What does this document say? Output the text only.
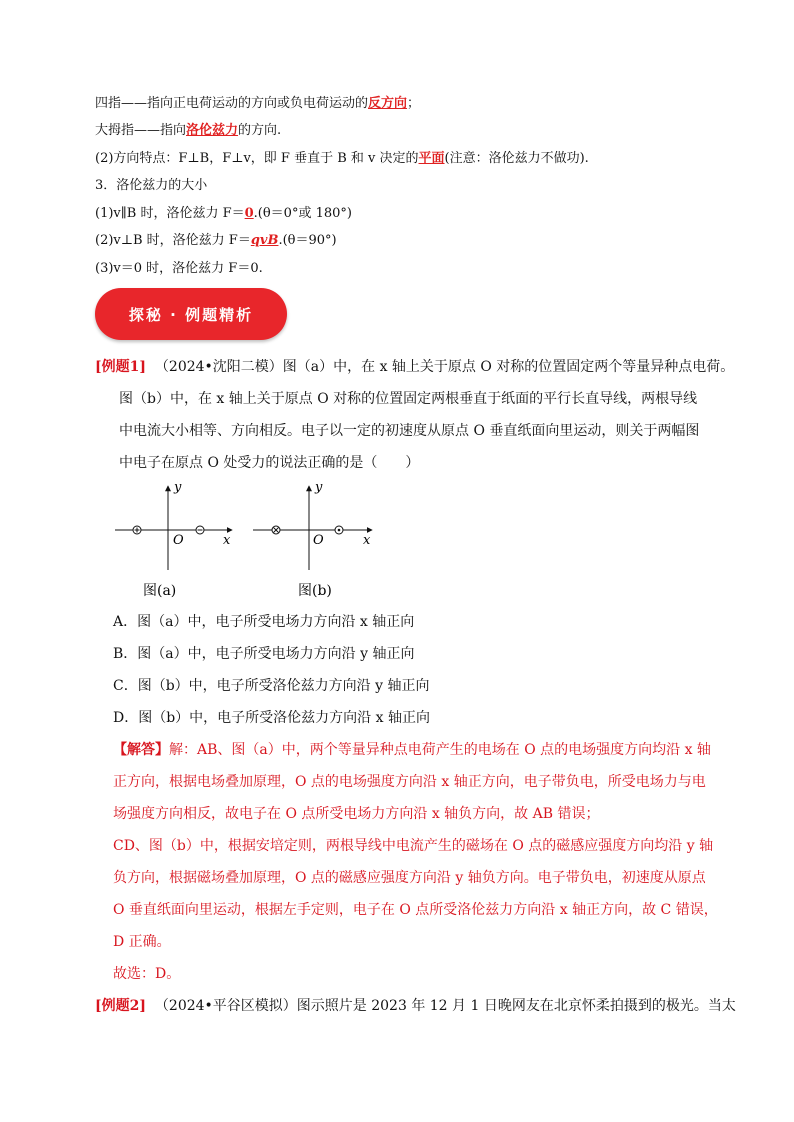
四指——指向正电荷运动的方向或负电荷运动的反方向；
大拇指——指向洛伦兹力的方向.
(2)方向特点：F⊥B，F⊥v，即 F 垂直于 B 和 v 决定的平面(注意：洛伦兹力不做功).
3．洛伦兹力的大小
(1)v∥B 时，洛伦兹力 F＝0.(θ＝0°或 180°)
(2)v⊥B 时，洛伦兹力 F＝qvB.(θ＝90°)
(3)v＝0 时，洛伦兹力 F＝0.
探秘 · 例题精析
[例题1] （2024•沈阳二模）图（a）中，在 x 轴上关于原点 O 对称的位置固定两个等量异种点电荷。
图（b）中，在 x 轴上关于原点 O 对称的位置固定两根垂直于纸面的平行长直导线，两根导线
中电流大小相等、方向相反。电子以一定的初速度从原点 O 垂直纸面向里运动，则关于两幅图
中电子在原点 O 处受力的说法正确的是（　　）
y
O	x
图(a)
y
O	x
图(b)
A．图（a）中，电子所受电场力方向沿 x 轴正向
B．图（a）中，电子所受电场力方向沿 y 轴正向
C．图（b）中，电子所受洛伦兹力方向沿 y 轴正向
D．图（b）中，电子所受洛伦兹力方向沿 x 轴正向
【解答】解：AB、图（a）中，两个等量异种点电荷产生的电场在 O 点的电场强度方向均沿 x 轴
正方向，根据电场叠加原理，O 点的电场强度方向沿 x 轴正方向，电子带负电，所受电场力与电
场强度方向相反，故电子在 O 点所受电场力方向沿 x 轴负方向，故 AB 错误；
CD、图（b）中，根据安培定则，两根导线中电流产生的磁场在 O 点的磁感应强度方向均沿 y 轴
负方向，根据磁场叠加原理，O 点的磁感应强度方向沿 y 轴负方向。电子带负电，初速度从原点
O 垂直纸面向里运动，根据左手定则，电子在 O 点所受洛伦兹力方向沿 x 轴正方向，故 C 错误，
D 正确。
故选：D。
[例题2] （2024•平谷区模拟）图示照片是 2023 年 12 月 1 日晚网友在北京怀柔拍摄到的极光。当太
